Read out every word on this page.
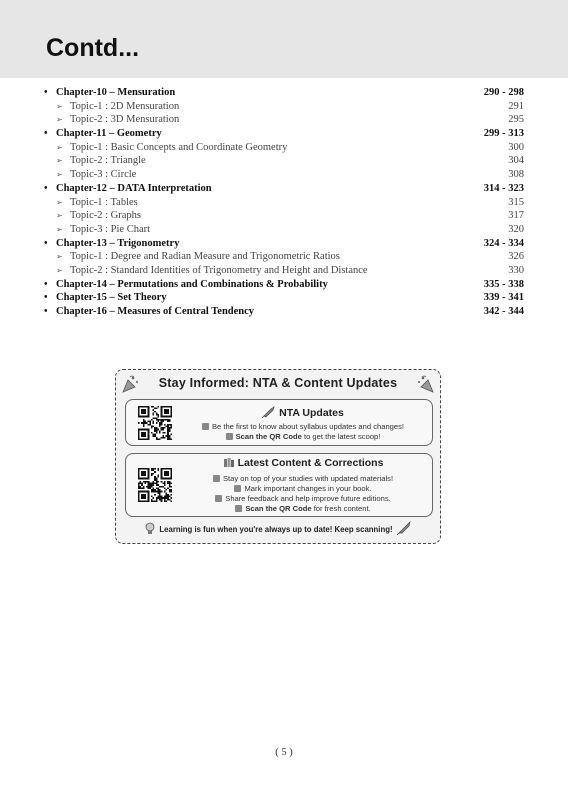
Contd...
• Chapter-10 – Mensuration	290 - 298
➢ Topic-1 : 2D Mensuration	291
➢ Topic-2 : 3D Mensuration	295
• Chapter-11 – Geometry	299 - 313
➢ Topic-1 : Basic Concepts and Coordinate Geometry	300
➢ Topic-2 : Triangle	304
➢ Topic-3 : Circle	308
• Chapter-12 – DATA Interpretation	314 - 323
➢ Topic-1 : Tables	315
➢ Topic-2 : Graphs	317
➢ Topic-3 : Pie Chart	320
• Chapter-13 – Trigonometry	324 - 334
➢ Topic-1 : Degree and Radian Measure and Trigonometric Ratios	326
➢ Topic-2 : Standard Identities of Trigonometry and Height and Distance	330
• Chapter-14 – Permutations and Combinations & Probability	335 - 338
• Chapter-15 – Set Theory	339 - 341
• Chapter-16 – Measures of Central Tendency	342 - 344
Stay Informed: NTA & Content Updates
NTA Updates
Be the first to know about syllabus updates and changes!
Scan the QR Code to get the latest scoop!
Latest Content & Corrections
Stay on top of your studies with updated materials!
Mark important changes in your book.
Share feedback and help improve future editions.
Scan the QR Code for fresh content.
Learning is fun when you're always up to date! Keep scanning!
( 5 )
